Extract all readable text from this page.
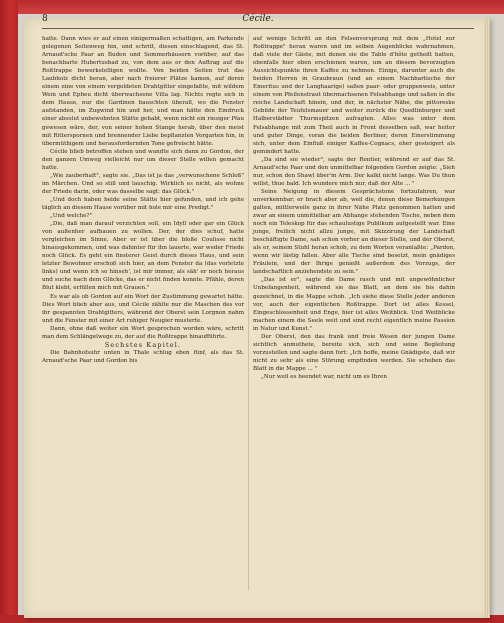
8	Cécile.

hatte. Dann wies er auf einen einigermaßen schattigen, am Parkende gelegenen Seitenweg hin, und schritt, diesen einschlagend, das St. Arnaud'sche Paar an Buden und Sommerhäusern vorüber, auf das benachbarte Hubertusbad zu, von dem aus er den Auftrag auf die Roßtrappe bewerkstelligen wollte. Von beiden Seiten trat das Laubholz dicht heran, aber nach freierer Plätze kamen, auf deren einem eine von einem vergoldeten Drahtgitter eingefaßte, mit wildem Wein und Epheu dicht überwachsene Villa lag. Nichts regte sich in dem Hause, nur die Gardinen bauschten überall, wo die Fenster aufstanden, im Zugwind hin und her, und man hätte den Eindruck einer absolut unbewohnten Stätte gehabt, wenn nicht ein riesiger Pfau gewesen wäre, der, von seiner hohen Stange herab, über den meist mit Ritterspornen und brennender Liebe bepflanzten Vorgarten hin, in übermüthigem und herausfordernden Tone gefreischt hätte.

Cécile blieb betroffen stehen und wandte sich dann zu Gordon, der den ganzen Umweg vielleicht nur um dieser Stelle willen gemacht hatte.

„Wie zauberhaft", sagte sie. „Das ist ja das „verwunschene Schloß" im Märchen. Und so still und lauschig. Wirklich es nicht, als wohne der Friede darin, oder was dasselbe sagt: das Glück."

„Und doch haben beide seine Stätte hier gefunden, und ich gehe täglich an diesem Hause vorüber mit hole mir eine Predigt."

„Und welche?"

„Die, daß man darauf verzichten soll, ein Idyll oder gar ein Glück von außenher aufbauen zu wollen. Der, der dies schuf, hatte vergleichen im Sinne. Aber er ist über die bloße Coulisse nicht hinausgekommen, und was dahinter für ihn lauerte, war weder Friede noch Glück. Es geht ein finsterer Geist durch dieses Haus, und sein letzter Bewohner erschoß sich hier, an dem Fenster da (das vorletzte links) und wenn ich so hinseh', ist mir immer, als säh' er noch heraus und suche nach dem Glücke, das er nicht finden konnte. Pfähle, deren Blut klebt, erfüllen mich mit Grauen."

Es war als ob Gordon auf ein Wort der Zustimmung gewartet hätte. Dies Wort blieb aber aus, und Cécile zählte nur die Maschen des vor ihr gespannten Drahtgitters, während der Oberst sein Lorgnon nahm und die Fenster mit einer Art ruhiger Neugier musterte.

Dann, ohne daß weiter ein Wort gesprochen worden wäre, schritt man dem Schlängelwege zu, der auf die Roßtrappe hinaufführte.

Sechstes Kapitel.

Die Bahnhofsuhr unten in Thale schlug eben fünf, als das St. Arnaud'sche Paar und Gordon bis

auf wenige Schritt an den Felsenvorsprung mit dem „Hotel zur Roßtrappe" heran waren und im selben Augenblicke wahrnahmen, daß viele der Gäste, mit denen sie die Table d'hôte getheilt hatten, ebenfalls hier oben erschienen waren, um an diesem bevorzugten Aussichtspunkte ihren Kaffee zu nehmen. Einige, darunter auch die beiden Herren in Graubraun (und an einem Nachbartische der Emeritus und der Langhaarige) saßen paar- oder gruppenweis, unter einem von Pfeilenstraut übermachsenen Felsabhange und saßen in die reiche Landschaft hinein, und der, in nächster Nähe, die pittoreske Gebilde der Teufelsmauer und weiter zurück die Quedlinburger und Halberstädter Thurmspitzen aufragten. Alles was unter dem Felsabhange mit zum Theil auch in Front desselben saß, war heiter und guter Dinge, voran die beiden Berliner, deren Einerstimmung sich, unter dem Einfluß einiger Kaffee-Cognacs, eher gesteigert als gemindert hatte.

„Da sind sie wieder", sagte der Rentier, während er auf das St. Arnaud'sche Paar und den unmittelbar folgenden Gordon zeigte: „Sieh nur, schon den Shawl über'm Arm. Der kalkt nicht lange. Was Du thun willst, thue bald. Ich wundere mich nur, daß der Alte ... "

Seine Neigung in diesem Gesprächstone fortzufahren, war unverkennbar; er brach aber ab, weil die, denen diese Bemerkungen galten, mittlerweile ganz in ihrer Nähe Platz genommen hatten und zwar an einem unmittelbar am Abhange stehenden Tische, neben dem noch ein Teleskop für das schaulustige Publikum aufgestellt war. Eine junge, freilich nicht allzu junge, mit Skizzirung der Landschaft beschäftigte Dame, sah schon vorher an dieser Stelle, und der Oberst, als er, seinem Stuhl heran schob, zu dem Worten veranlaßte: „Pardon, wenn wir lästig fallen. Aber alle Tische sind besetzt, mein gnädiges Fräulein, und der Ihrige genießt außerdem des Vorzugs, der landschaftlich anziehendste zu sein."

„Das ist er", sagte die Dame rasch und mit ungewöhnlicher Unbefangenheit, während sie das Blatt, an dem sie bis dahin gezeichnet, in die Mappe schob. „Ich siehe diese Stelle jeder anderen vor, auch der eigentlichen Roßtrappe. Dort ist alles Kessel, Eingeschlossenheit und Enge, hier ist alles Weitblick. Und Weitblicke machen einem die Seele weit und sind recht eigentlich meine Passion in Natur und Kunst."

Der Oberst, den das frank und freie Wesen der jungen Dame sichtlich anmuthete, bereite sich, sich und seine Begleitung vorzustellen und sagte dann fort: „Ich hoffe, meine Gnädigste, daß wir nicht zu sehr als eine Störung empfinden werden. Sie schoben das Blatt in die Mappe ... "

„Nur weil es beendet war, nicht um es Ihren
